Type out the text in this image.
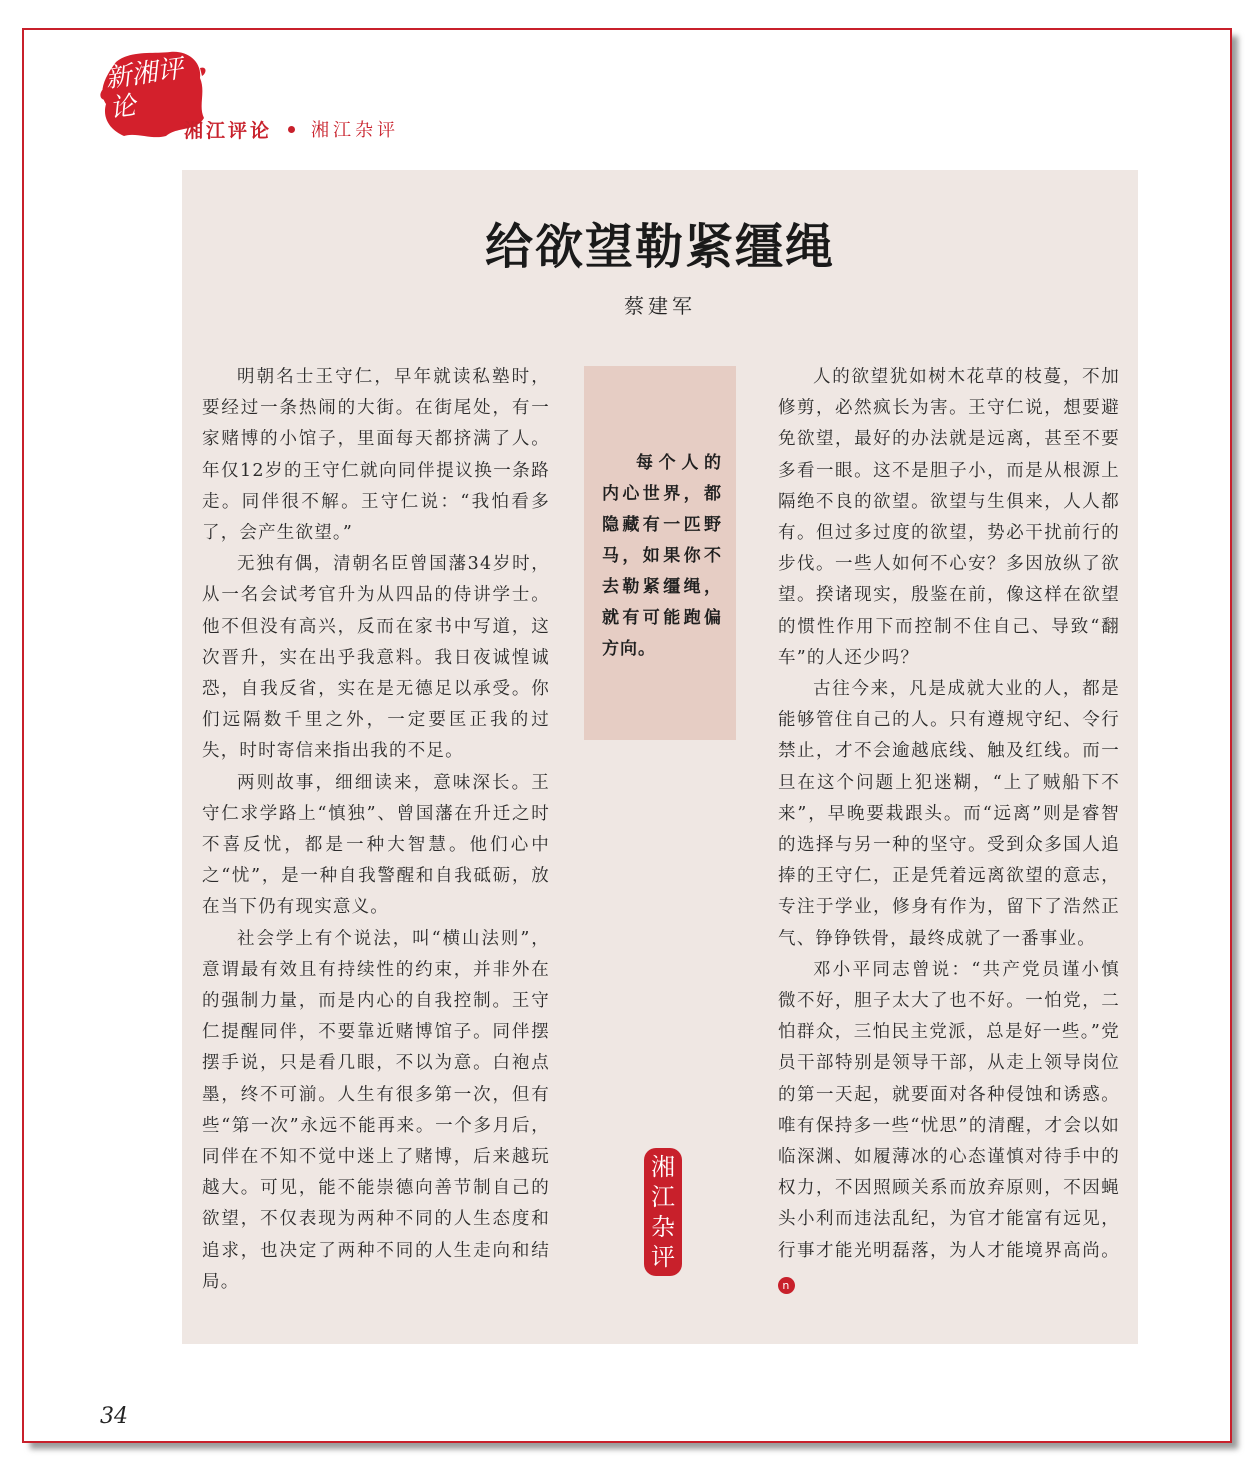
新湘评论
湘江评论 湘江杂评
给欲望勒紧缰绳
蔡建军

明朝名士王守仁，早年就读私塾时，要经过一条热闹的大街。在街尾处，有一家赌博的小馆子，里面每天都挤满了人。年仅12岁的王守仁就向同伴提议换一条路走。同伴很不解。王守仁说：“我怕看多了，会产生欲望。”

无独有偶，清朝名臣曾国藩34岁时，从一名会试考官升为从四品的侍讲学士。他不但没有高兴，反而在家书中写道，这次晋升，实在出乎我意料。我日夜诚惶诚恐，自我反省，实在是无德足以承受。你们远隔数千里之外，一定要匡正我的过失，时时寄信来指出我的不足。

两则故事，细细读来，意味深长。王守仁求学路上“慎独”、曾国藩在升迁之时不喜反忧，都是一种大智慧。他们心中之“忧”，是一种自我警醒和自我砥砺，放在当下仍有现实意义。

社会学上有个说法，叫“横山法则”，意谓最有效且有持续性的约束，并非外在的强制力量，而是内心的自我控制。王守仁提醒同伴，不要靠近赌博馆子。同伴摆摆手说，只是看几眼，不以为意。白袍点墨，终不可湔。人生有很多第一次，但有些“第一次”永远不能再来。一个多月后，同伴在不知不觉中迷上了赌博，后来越玩越大。可见，能不能崇德向善节制自己的欲望，不仅表现为两种不同的人生态度和追求，也决定了两种不同的人生走向和结局。

每个人的内心世界，都隐藏有一匹野马，如果你不去勒紧缰绳，就有可能跑偏方向。
湘
江
杂
评

人的欲望犹如树木花草的枝蔓，不加修剪，必然疯长为害。王守仁说，想要避免欲望，最好的办法就是远离，甚至不要多看一眼。这不是胆子小，而是从根源上隔绝不良的欲望。欲望与生俱来，人人都有。但过多过度的欲望，势必干扰前行的步伐。一些人如何不心安？多因放纵了欲望。揆诸现实，殷鉴在前，像这样在欲望的惯性作用下而控制不住自己、导致“翻车”的人还少吗？

古往今来，凡是成就大业的人，都是能够管住自己的人。只有遵规守纪、令行禁止，才不会逾越底线、触及红线。而一旦在这个问题上犯迷糊，“上了贼船下不来”，早晚要栽跟头。而“远离”则是睿智的选择与另一种的坚守。受到众多国人追捧的王守仁，正是凭着远离欲望的意志，专注于学业，修身有作为，留下了浩然正气、铮铮铁骨，最终成就了一番事业。

邓小平同志曾说：“共产党员谨小慎微不好，胆子太大了也不好。一怕党，二怕群众，三怕民主党派，总是好一些。”党员干部特别是领导干部，从走上领导岗位的第一天起，就要面对各种侵蚀和诱惑。唯有保持多一些“忧思”的清醒，才会以如临深渊、如履薄冰的心态谨慎对待手中的权力，不因照顾关系而放弃原则，不因蝇头小利而违法乱纪，为官才能富有远见，行事才能光明磊落，为人才能境界高尚。n

34
